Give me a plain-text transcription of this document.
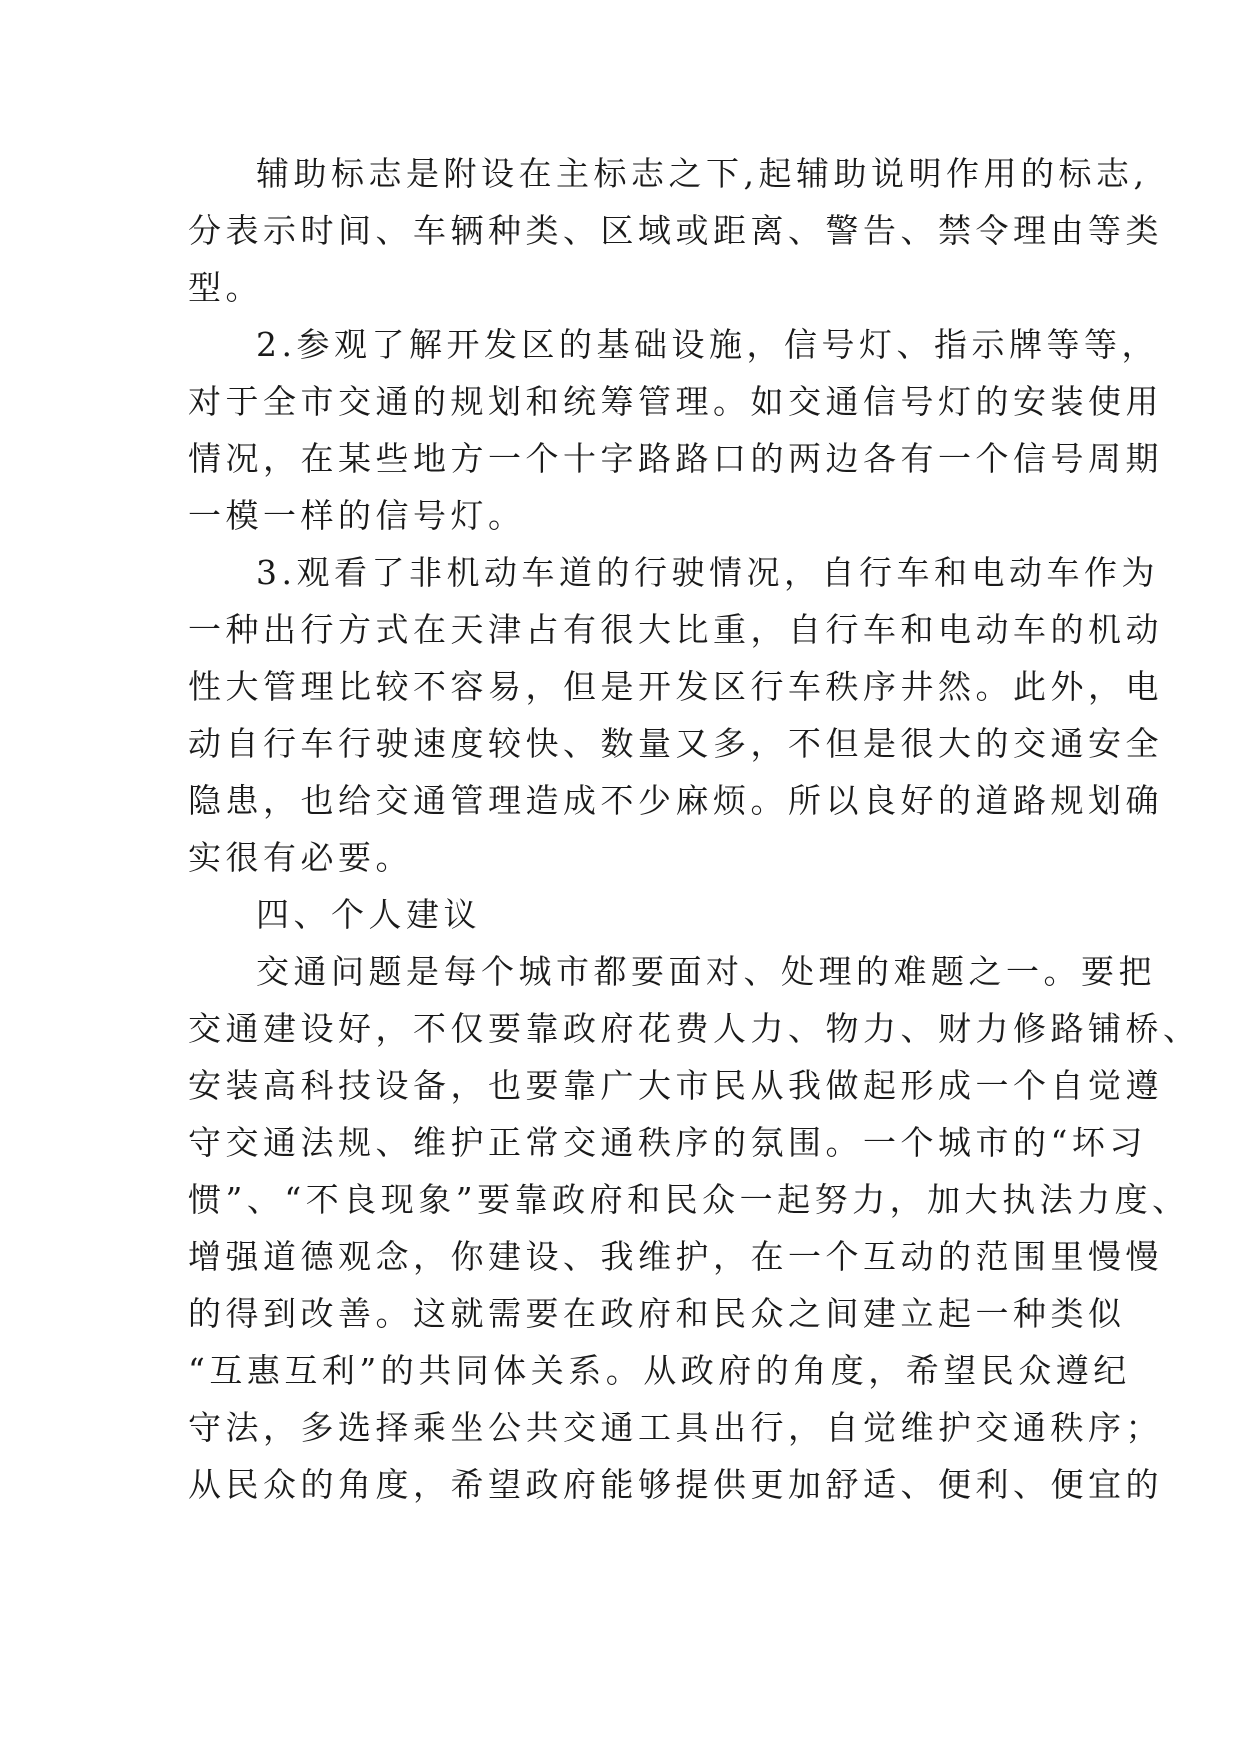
辅助标志是附设在主标志之下,起辅助说明作用的标志,

分表示时间、车辆种类、区域或距离、警告、禁令理由等类

型。

2.参观了解开发区的基础设施，信号灯、指示牌等等，

对于全市交通的规划和统筹管理。如交通信号灯的安装使用

情况，在某些地方一个十字路路口的两边各有一个信号周期

一模一样的信号灯。

3.观看了非机动车道的行驶情况，自行车和电动车作为

一种出行方式在天津占有很大比重，自行车和电动车的机动

性大管理比较不容易，但是开发区行车秩序井然。此外，电

动自行车行驶速度较快、数量又多，不但是很大的交通安全

隐患，也给交通管理造成不少麻烦。所以良好的道路规划确

实很有必要。

四、个人建议

交通问题是每个城市都要面对、处理的难题之一。要把

交通建设好，不仅要靠政府花费人力、物力、财力修路铺桥、

安装高科技设备，也要靠广大市民从我做起形成一个自觉遵

守交通法规、维护正常交通秩序的氛围。一个城市的“坏习

惯”、“不良现象”要靠政府和民众一起努力，加大执法力度、

增强道德观念，你建设、我维护，在一个互动的范围里慢慢

的得到改善。这就需要在政府和民众之间建立起一种类似

“互惠互利”的共同体关系。从政府的角度，希望民众遵纪

守法，多选择乘坐公共交通工具出行，自觉维护交通秩序；

从民众的角度，希望政府能够提供更加舒适、便利、便宜的
